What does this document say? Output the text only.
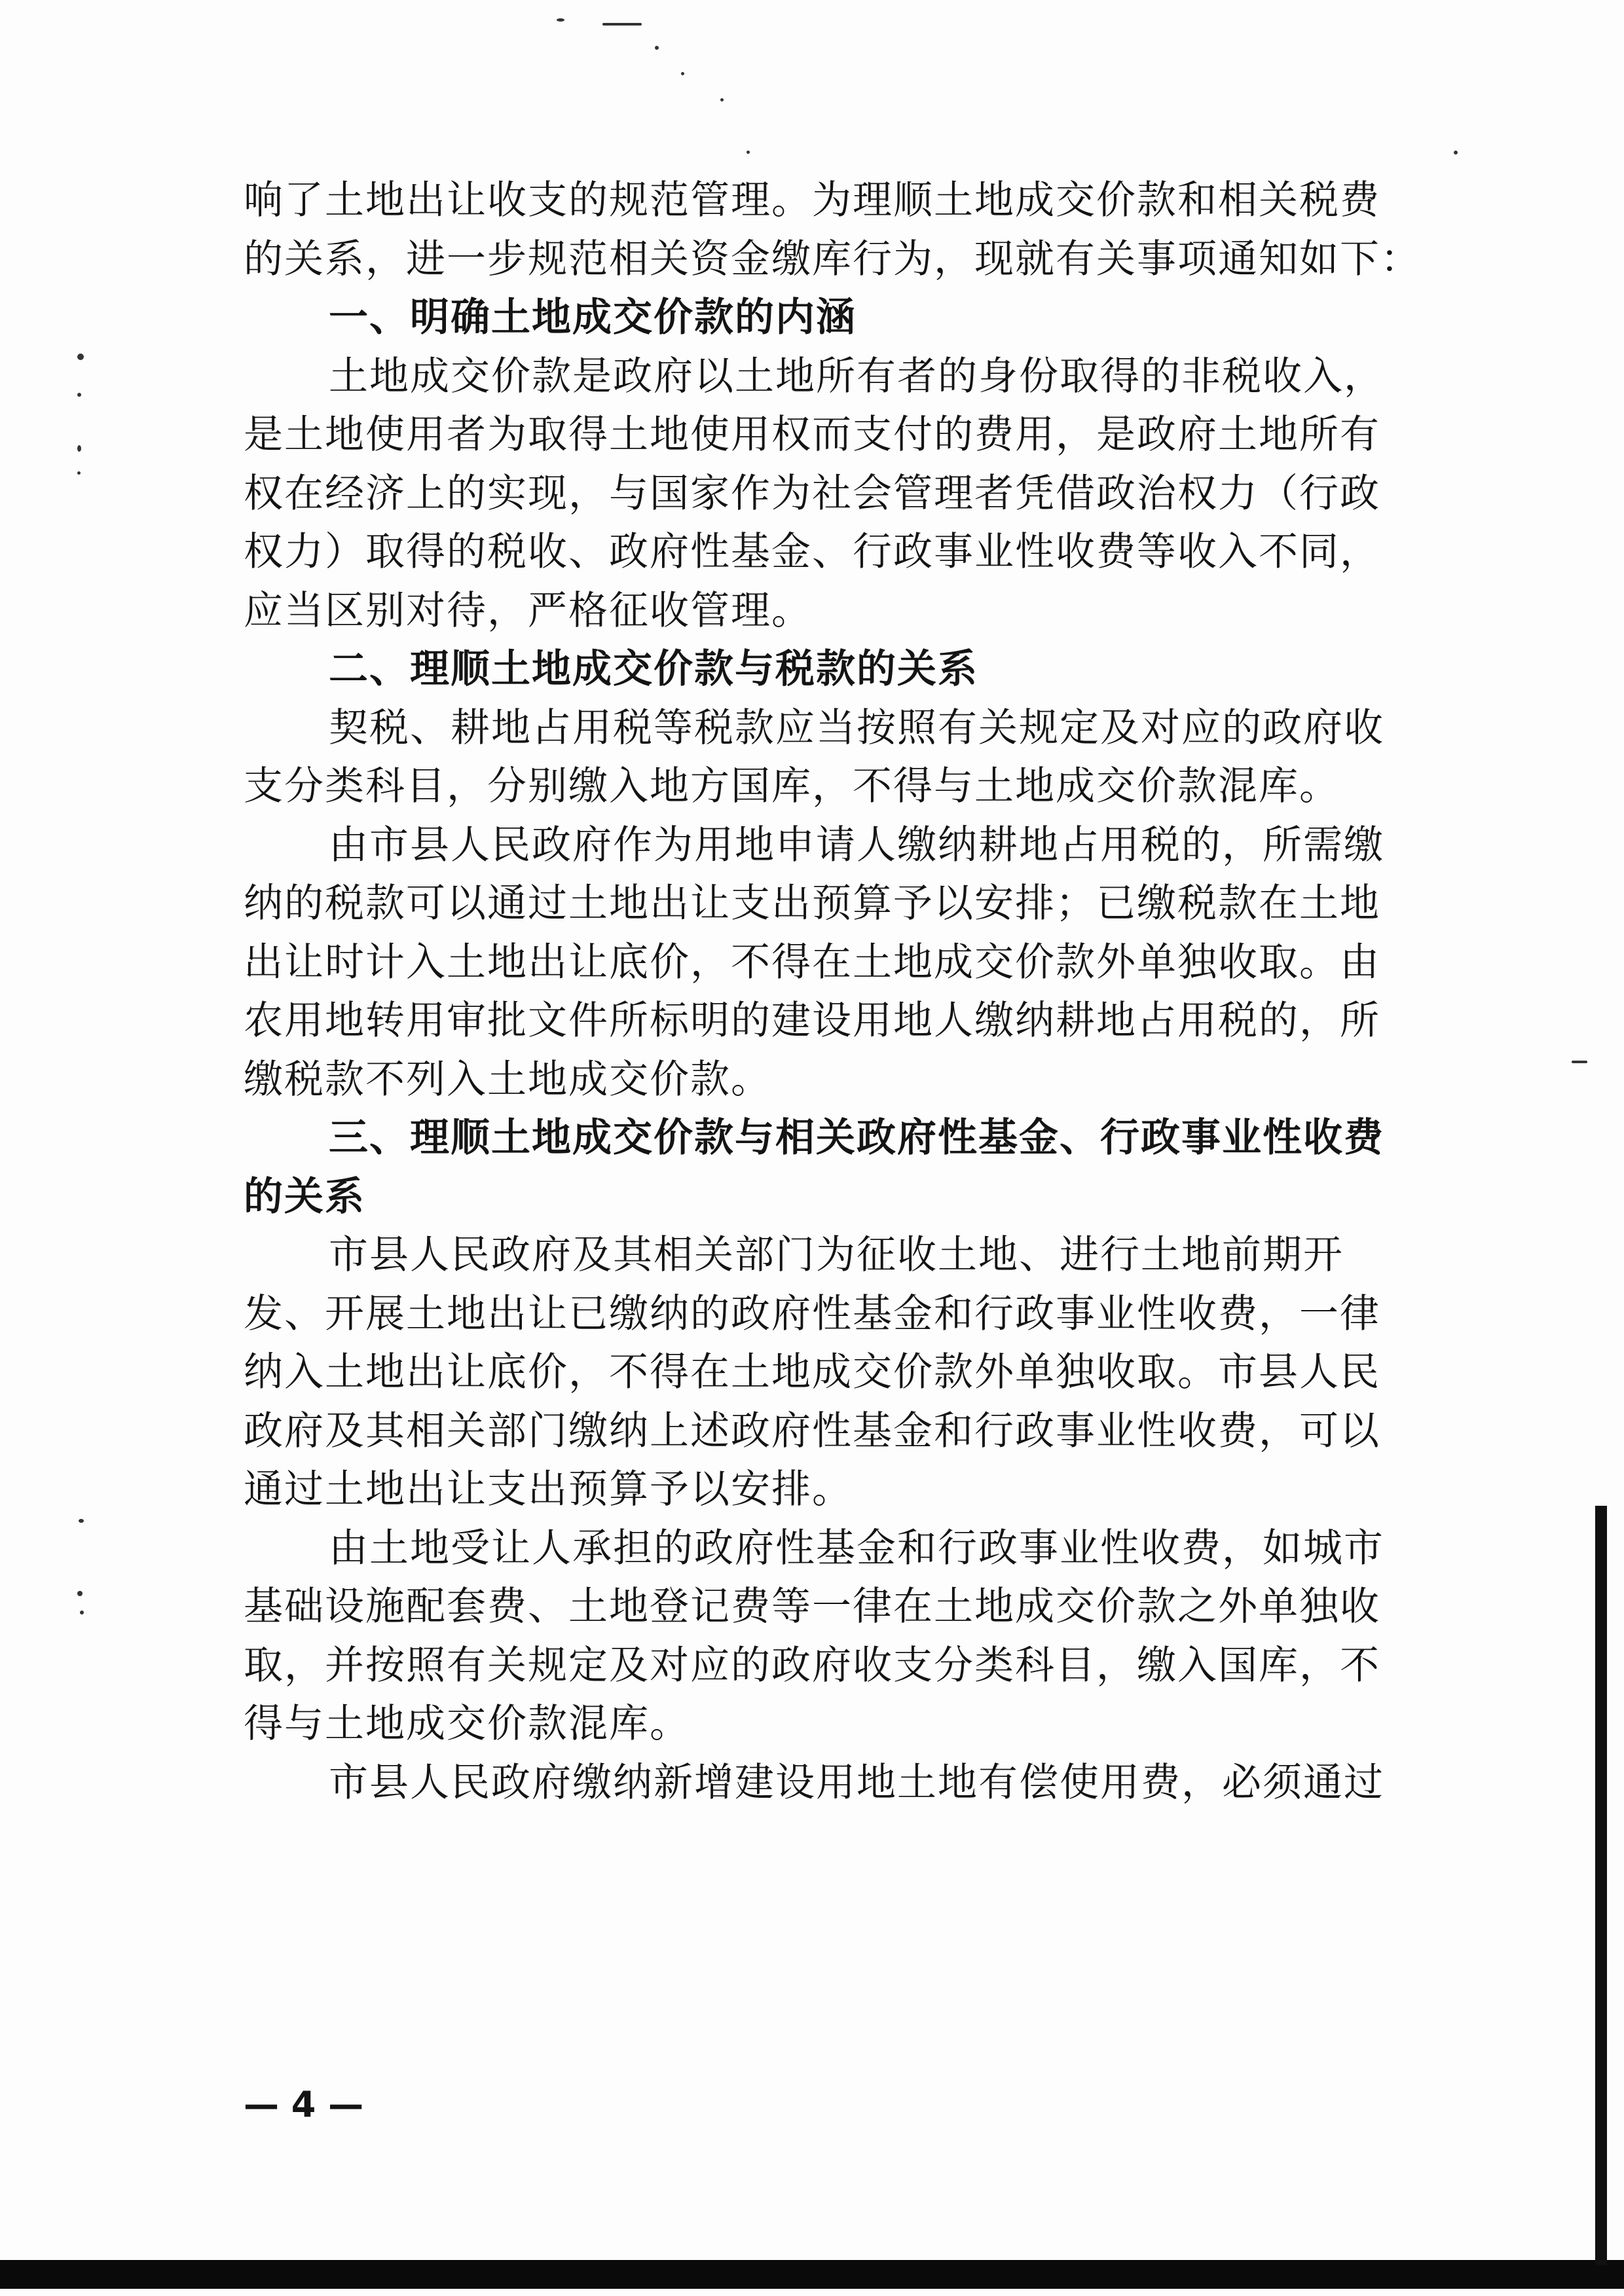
响了土地出让收支的规范管理。为理顺土地成交价款和相关税费
的关系，进一步规范相关资金缴库行为，现就有关事项通知如下：
一、明确土地成交价款的内涵
土地成交价款是政府以土地所有者的身份取得的非税收入，
是土地使用者为取得土地使用权而支付的费用，是政府土地所有
权在经济上的实现，与国家作为社会管理者凭借政治权力（行政
权力）取得的税收、政府性基金、行政事业性收费等收入不同，
应当区别对待，严格征收管理。
二、理顺土地成交价款与税款的关系
契税、耕地占用税等税款应当按照有关规定及对应的政府收
支分类科目，分别缴入地方国库，不得与土地成交价款混库。
由市县人民政府作为用地申请人缴纳耕地占用税的，所需缴
纳的税款可以通过土地出让支出预算予以安排；已缴税款在土地
出让时计入土地出让底价，不得在土地成交价款外单独收取。由
农用地转用审批文件所标明的建设用地人缴纳耕地占用税的，所
缴税款不列入土地成交价款。
三、理顺土地成交价款与相关政府性基金、行政事业性收费
的关系
市县人民政府及其相关部门为征收土地、进行土地前期开
发、开展土地出让已缴纳的政府性基金和行政事业性收费，一律
纳入土地出让底价，不得在土地成交价款外单独收取。市县人民
政府及其相关部门缴纳上述政府性基金和行政事业性收费，可以
通过土地出让支出预算予以安排。
由土地受让人承担的政府性基金和行政事业性收费，如城市
基础设施配套费、土地登记费等一律在土地成交价款之外单独收
取，并按照有关规定及对应的政府收支分类科目，缴入国库，不
得与土地成交价款混库。
市县人民政府缴纳新增建设用地土地有偿使用费，必须通过
— 4 —
